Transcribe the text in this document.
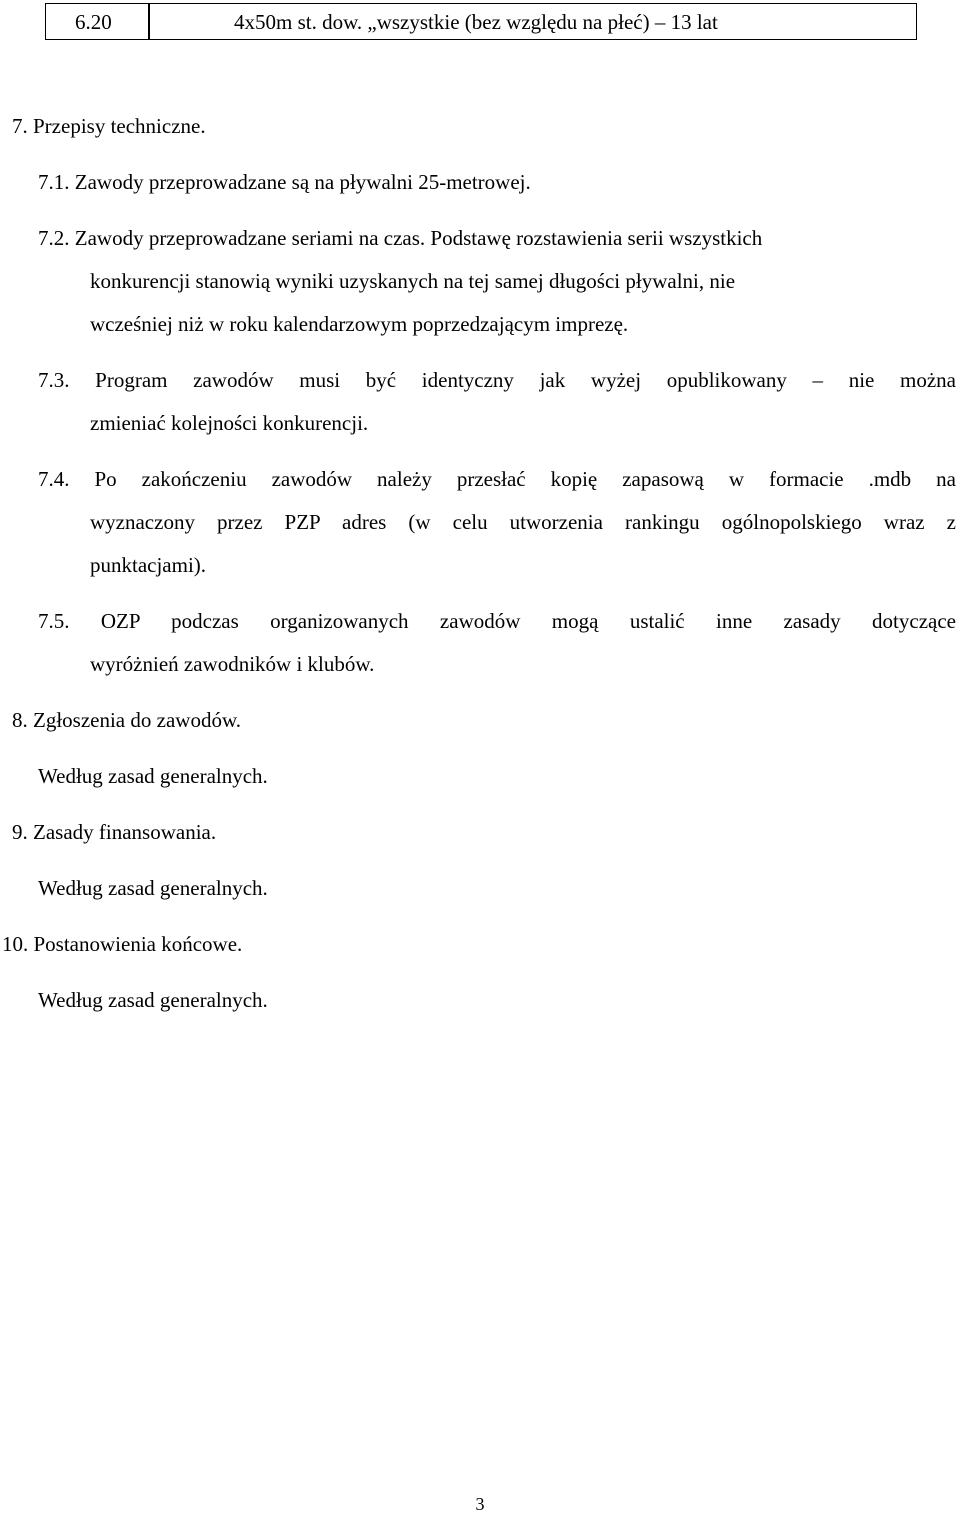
6.20	4x50m st. dow. „wszystkie (bez względu na płeć) – 13 lat
7. Przepisy techniczne.
7.1. Zawody przeprowadzane są na pływalni 25-metrowej.
7.2. Zawody przeprowadzane seriami na czas. Podstawę rozstawienia serii wszystkich
konkurencji stanowią wyniki uzyskanych na tej samej długości pływalni, nie
wcześniej niż w roku kalendarzowym poprzedzającym imprezę.
7.3. Program zawodów musi być identyczny jak wyżej opublikowany – nie można
zmieniać kolejności konkurencji.
7.4. Po zakończeniu zawodów należy przesłać kopię zapasową w formacie .mdb na
wyznaczony przez PZP adres (w celu utworzenia rankingu ogólnopolskiego wraz z
punktacjami).
7.5. OZP podczas organizowanych zawodów mogą ustalić inne zasady dotyczące
wyróżnień zawodników i klubów.
8. Zgłoszenia do zawodów.
Według zasad generalnych.
9. Zasady finansowania.
Według zasad generalnych.
10. Postanowienia końcowe.
Według zasad generalnych.
3
